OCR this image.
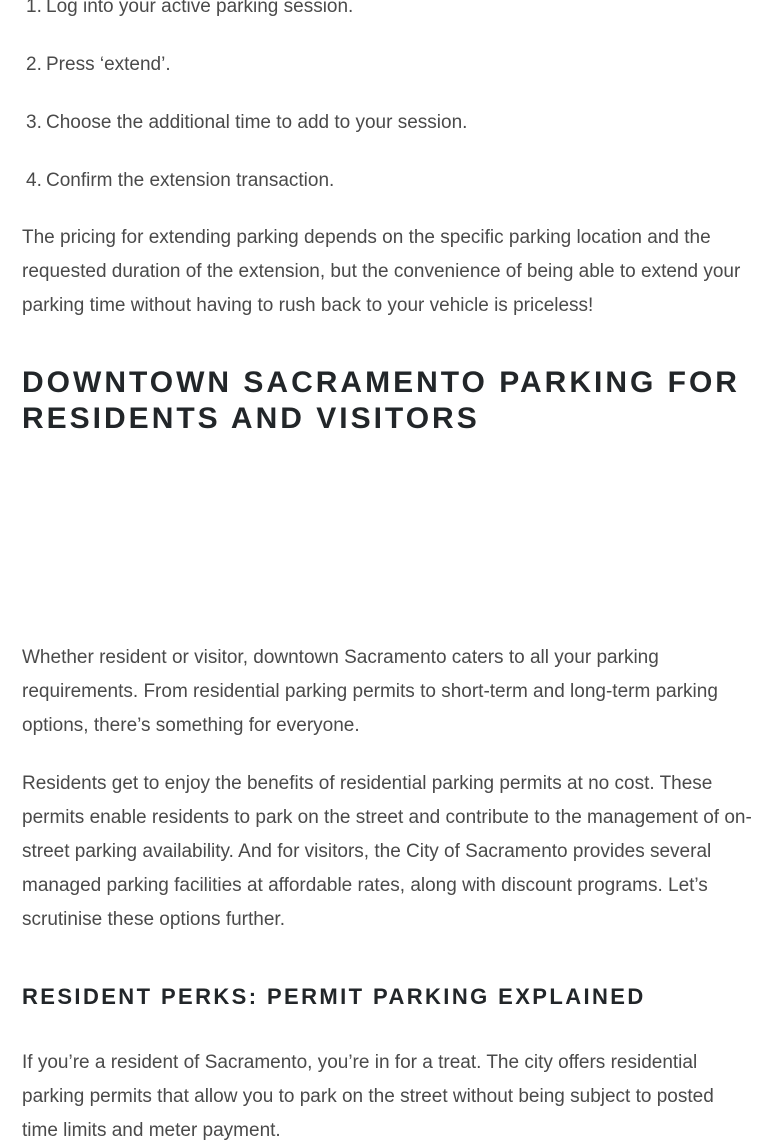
1. Log into your active parking session.
2. Press ‘extend’.
3. Choose the additional time to add to your session.
4. Confirm the extension transaction.

The pricing for extending parking depends on the specific parking location and the requested duration of the extension, but the convenience of being able to extend your parking time without having to rush back to your vehicle is priceless!

DOWNTOWN SACRAMENTO PARKING FOR RESIDENTS AND VISITORS

Whether resident or visitor, downtown Sacramento caters to all your parking requirements. From residential parking permits to short-term and long-term parking options, there’s something for everyone.

Residents get to enjoy the benefits of residential parking permits at no cost. These permits enable residents to park on the street and contribute to the management of on-street parking availability. And for visitors, the City of Sacramento provides several managed parking facilities at affordable rates, along with discount programs. Let’s scrutinise these options further.

RESIDENT PERKS: PERMIT PARKING EXPLAINED

If you’re a resident of Sacramento, you’re in for a treat. The city offers residential parking permits that allow you to park on the street without being subject to posted time limits and meter payment.
